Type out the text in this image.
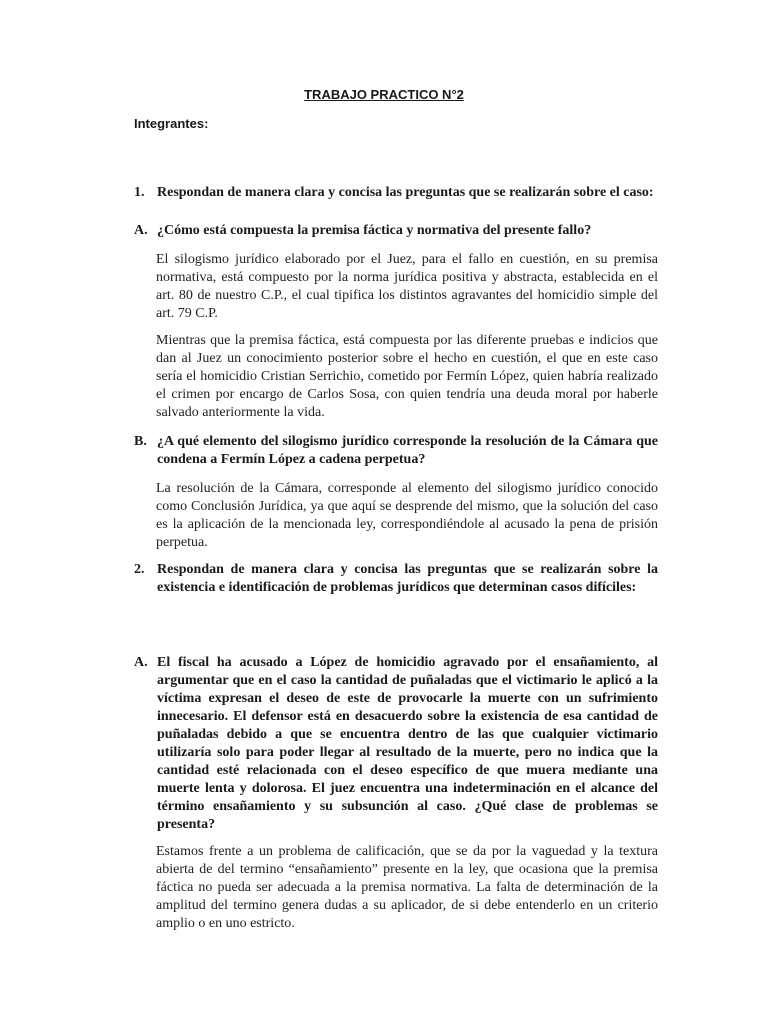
TRABAJO PRACTICO N°2
Integrantes:
1. Respondan de manera clara y concisa las preguntas que se realizarán sobre el caso:
A. ¿Cómo está compuesta la premisa fáctica y normativa del presente fallo?
El silogismo jurídico elaborado por el Juez, para el fallo en cuestión, en su premisa normativa, está compuesto por la norma jurídica positiva y abstracta, establecida en el art. 80 de nuestro C.P., el cual tipifica los distintos agravantes del homicidio simple del art. 79 C.P.
Mientras que la premisa fáctica, está compuesta por las diferente pruebas e indicios que dan al Juez un conocimiento posterior sobre el hecho en cuestión, el que en este caso sería el homicidio Cristian Serrichio, cometido por Fermín López, quien habría realizado el crimen por encargo de Carlos Sosa, con quien tendría una deuda moral por haberle salvado anteriormente la vida.
B. ¿A qué elemento del silogismo jurídico corresponde la resolución de la Cámara que condena a Fermín López a cadena perpetua?
La resolución de la Cámara, corresponde al elemento del silogismo jurídico conocido como Conclusión Jurídica, ya que aquí se desprende del mismo, que la solución del caso es la aplicación de la mencionada ley, correspondiéndole al acusado la pena de prisión perpetua.
2. Respondan de manera clara y concisa las preguntas que se realizarán sobre la existencia e identificación de problemas jurídicos que determinan casos difíciles:
A. El fiscal ha acusado a López de homicidio agravado por el ensañamiento, al argumentar que en el caso la cantidad de puñaladas que el victimario le aplicó a la víctima expresan el deseo de este de provocarle la muerte con un sufrimiento innecesario. El defensor está en desacuerdo sobre la existencia de esa cantidad de puñaladas debido a que se encuentra dentro de las que cualquier victimario utilizaría solo para poder llegar al resultado de la muerte, pero no indica que la cantidad esté relacionada con el deseo específico de que muera mediante una muerte lenta y dolorosa. El juez encuentra una indeterminación en el alcance del término ensañamiento y su subsunción al caso. ¿Qué clase de problemas se presenta?
Estamos frente a un problema de calificación, que se da por la vaguedad y la textura abierta de del termino “ensañamiento” presente en la ley, que ocasiona que la premisa fáctica no pueda ser adecuada a la premisa normativa. La falta de determinación de la amplitud del termino genera dudas a su aplicador, de si debe entenderlo en un criterio amplio o en uno estricto.
